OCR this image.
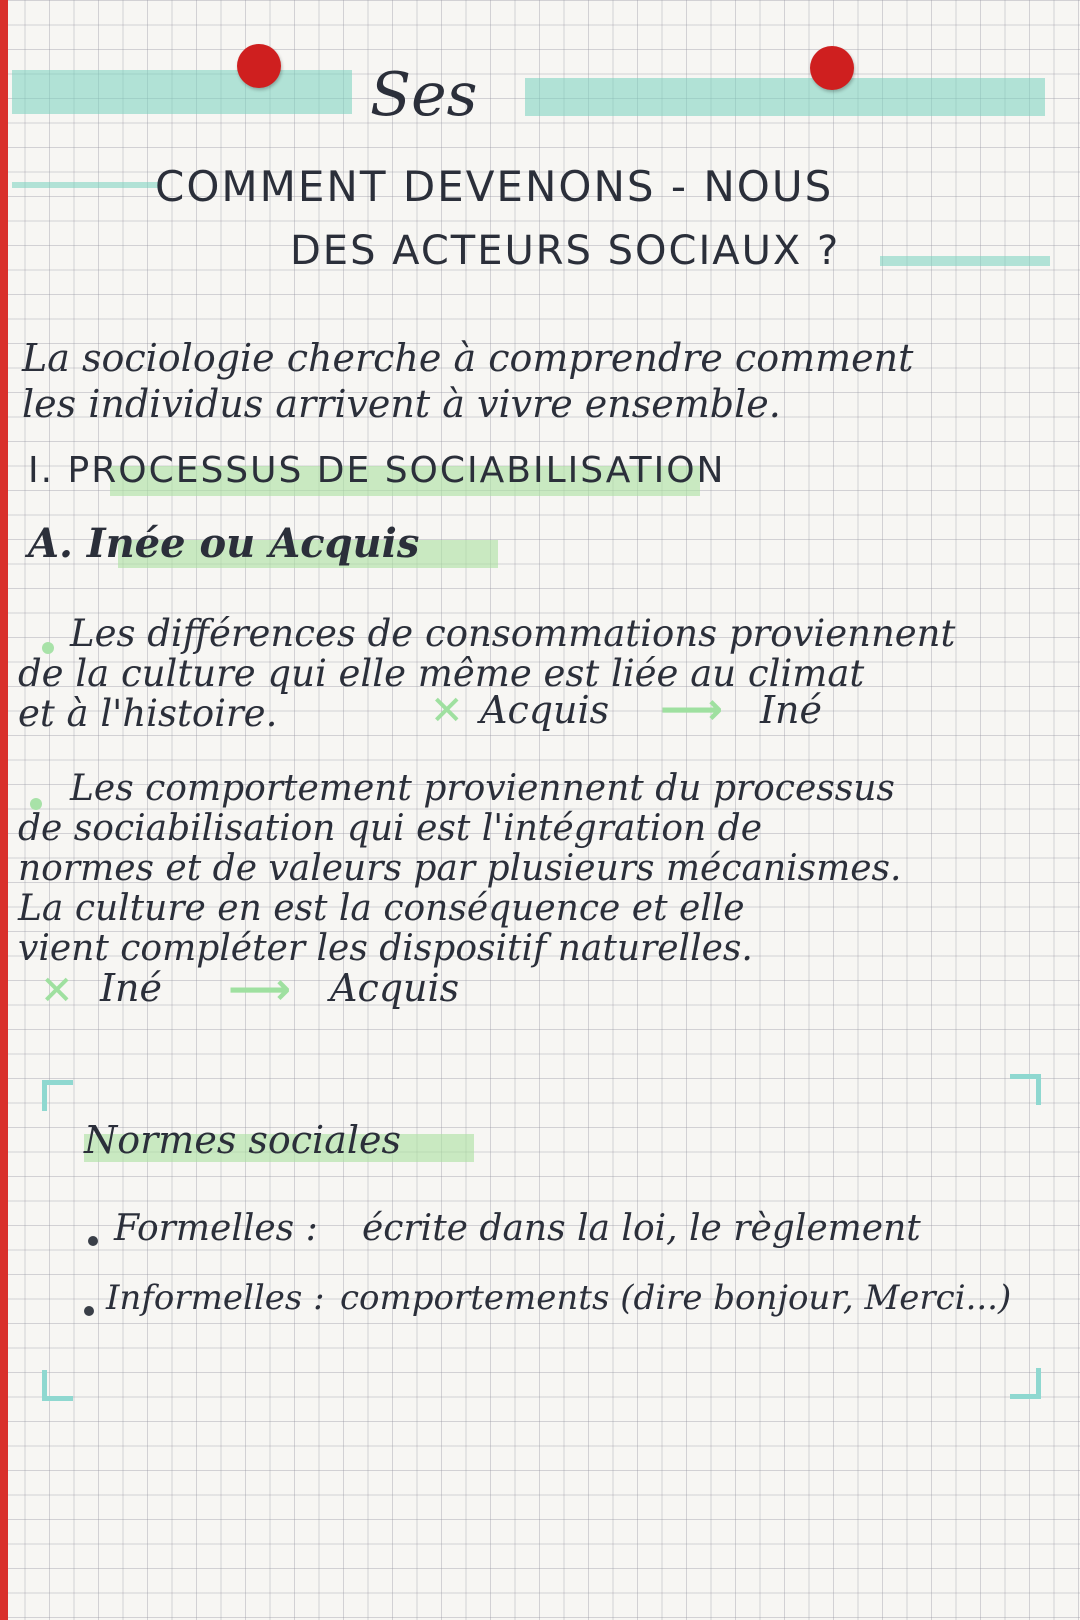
Ses
COMMENT DEVENONS - NOUS
DES ACTEURS SOCIAUX ?
La sociologie cherche à comprendre comment
les individus arrivent à vivre ensemble.
I. PROCESSUS DE SOCIABILISATION
A. Inée ou Acquis
Les différences de consommations proviennent
de la culture qui elle même est liée au climat
et à l'histoire.	✕ Acquis ⟶ Iné
Les comportement proviennent du processus
de sociabilisation qui est l'intégration de
normes et de valeurs par plusieurs mécanismes.
La culture en est la conséquence et elle
vient compléter les dispositif naturelles.
✕ Iné ⟶ Acquis
Normes sociales
Formelles : écrite dans la loi, le règlement
Informelles : comportements (dire bonjour, Merci...)
